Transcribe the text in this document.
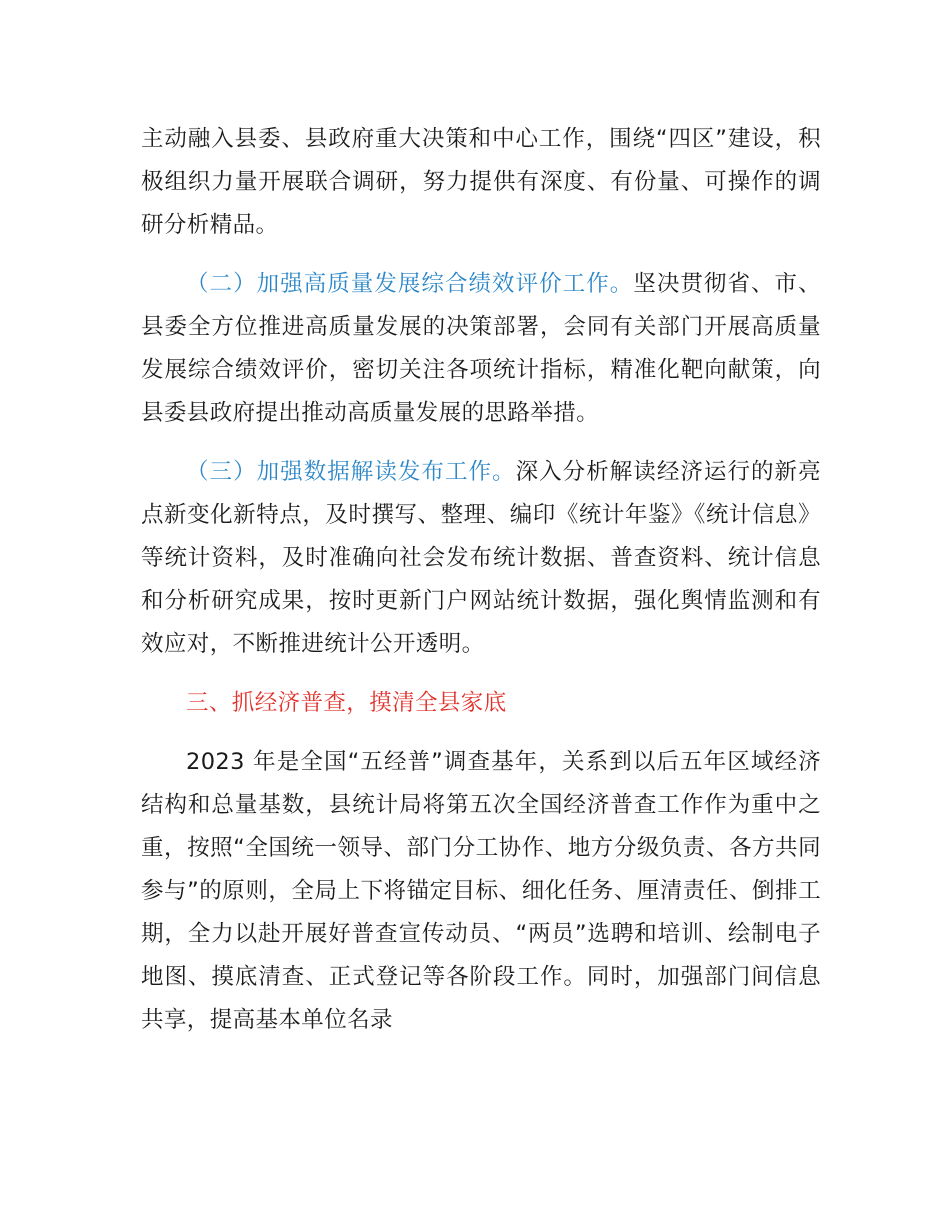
主动融入县委、县政府重大决策和中心工作，围绕“四区”建设，积极组织力量开展联合调研，努力提供有深度、有份量、可操作的调研分析精品。

（二）加强高质量发展综合绩效评价工作。坚决贯彻省、市、县委全方位推进高质量发展的决策部署，会同有关部门开展高质量发展综合绩效评价，密切关注各项统计指标，精准化靶向献策，向县委县政府提出推动高质量发展的思路举措。

（三）加强数据解读发布工作。深入分析解读经济运行的新亮点新变化新特点，及时撰写、整理、编印《统计年鉴》《统计信息》等统计资料，及时准确向社会发布统计数据、普查资料、统计信息和分析研究成果，按时更新门户网站统计数据，强化舆情监测和有效应对，不断推进统计公开透明。

三、抓经济普查，摸清全县家底

2023 年是全国“五经普”调查基年，关系到以后五年区域经济结构和总量基数，县统计局将第五次全国经济普查工作作为重中之重，按照“全国统一领导、部门分工协作、地方分级负责、各方共同参与”的原则，全局上下将锚定目标、细化任务、厘清责任、倒排工期，全力以赴开展好普查宣传动员、“两员”选聘和培训、绘制电子地图、摸底清查、正式登记等各阶段工作。同时，加强部门间信息共享，提高基本单位名录
